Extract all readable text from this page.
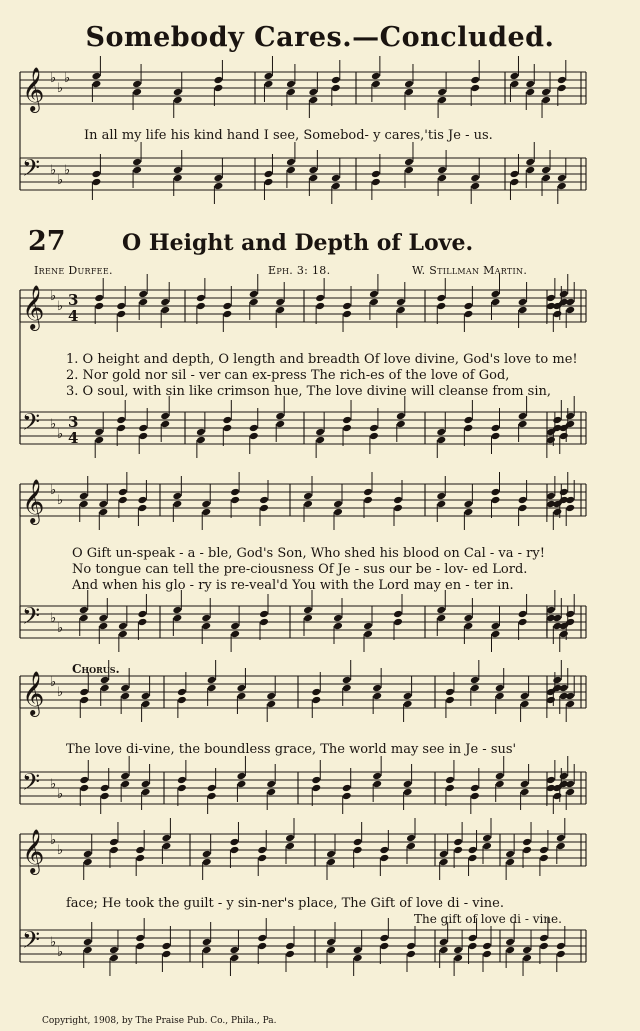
𝄞 ♭
♭
♭
𝄢 ♭
♭
♭
𝄞 ♭
♭
𝄢 ♭
♭
𝄞 ♭
♭
𝄢 ♭
♭
𝄞 ♭
♭
𝄢 ♭
♭
𝄞 ♭
♭
𝄢 ♭
♭
3
4
3
4
Somebody Cares.—Concluded.
In all my life his kind hand I see, Somebod- y cares,'tis Je - us.
27	O Height and Depth of Love.
Irene Durfee.	Eph. 3: 18.	W. Stillman Martin.
1. O height and depth, O length and breadth Of love divine, God's love to me!
2. Nor gold nor sil - ver can ex-press The rich-es of the love of God,
3. O soul, with sin like crimson hue, The love divine will cleanse from sin,
O Gift un-speak - a - ble, God's Son, Who shed his blood on Cal - va - ry!
No tongue can tell the pre-ciousness Of Je - sus our be - lov- ed Lord.
And when his glo - ry is re-veal'd You with the Lord may en - ter in.
Chorus.
The love di-vine, the boundless grace, The world may see in Je - sus'
face; He took the guilt - y sin-ner's place, The Gift of love di - vine.
The gift of love di - vine.
Copyright, 1908, by The Praise Pub. Co., Phila., Pa.
